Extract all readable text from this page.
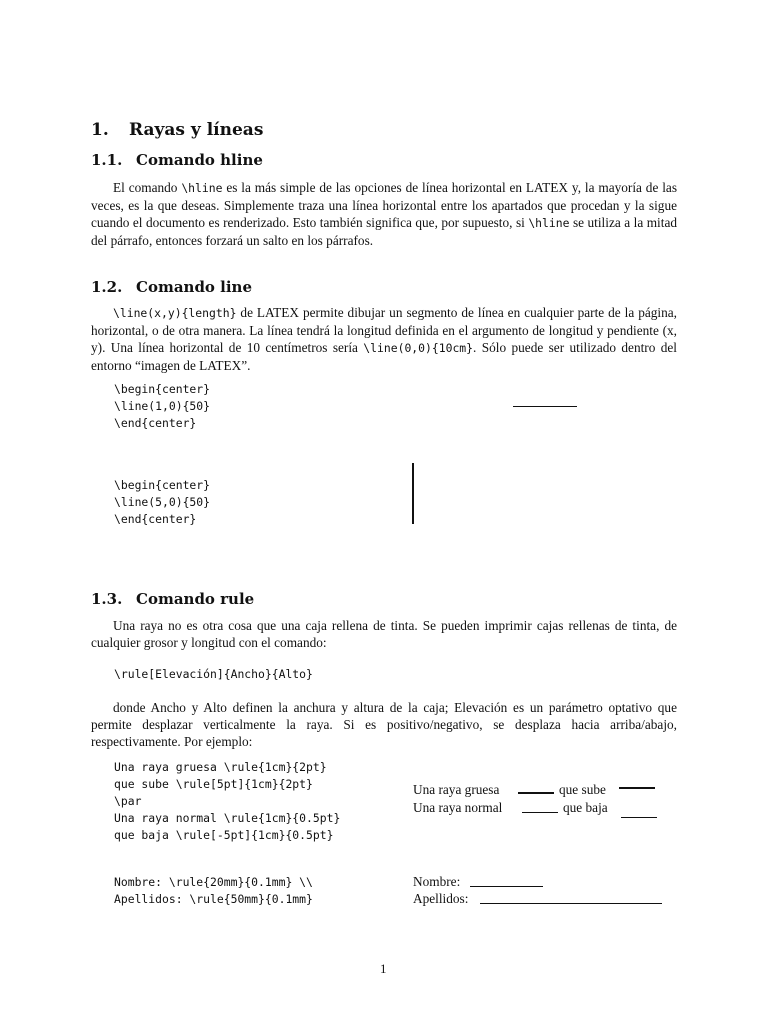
1. Rayas y líneas
1.1. Comando hline

El comando \hline es la más simple de las opciones de línea horizontal en LATEX y, la mayoría de las veces, es la que deseas. Simplemente traza una línea horizontal entre los apartados que procedan y la sigue cuando el documento es renderizado. Esto también significa que, por supuesto, si \hline se utiliza a la mitad del párrafo, entonces forzará un salto en los párrafos.

1.2. Comando line

\line(x,y){length} de LATEX permite dibujar un segmento de línea en cualquier parte de la página, horizontal, o de otra manera. La línea tendrá la longitud definida en el argumento de longitud y pendiente (x, y). Una línea horizontal de 10 centímetros sería \line(0,0){10cm}. Sólo puede ser utilizado dentro del entorno “imagen de LATEX”.

\begin{center}
\line(1,0){50}
\end{center}
\begin{center}
\line(5,0){50}
\end{center}
1.3. Comando rule

Una raya no es otra cosa que una caja rellena de tinta. Se pueden imprimir cajas rellenas de tinta, de cualquier grosor y longitud con el comando:

\rule[Elevación]{Ancho}{Alto}

donde Ancho y Alto definen la anchura y altura de la caja; Elevación es un parámetro optativo que permite desplazar verticalmente la raya. Si es positivo/negativo, se desplaza hacia arriba/abajo, respectivamente. Por ejemplo:

Una raya gruesa \rule{1cm}{2pt}
que sube \rule[5pt]{1cm}{2pt}
\par
Una raya normal \rule{1cm}{0.5pt}
que baja \rule[-5pt]{1cm}{0.5pt}
Una raya gruesa	que sube
Una raya normal	que baja
Nombre: \rule{20mm}{0.1mm} \\
Apellidos: \rule{50mm}{0.1mm}
Nombre:
Apellidos:
1
